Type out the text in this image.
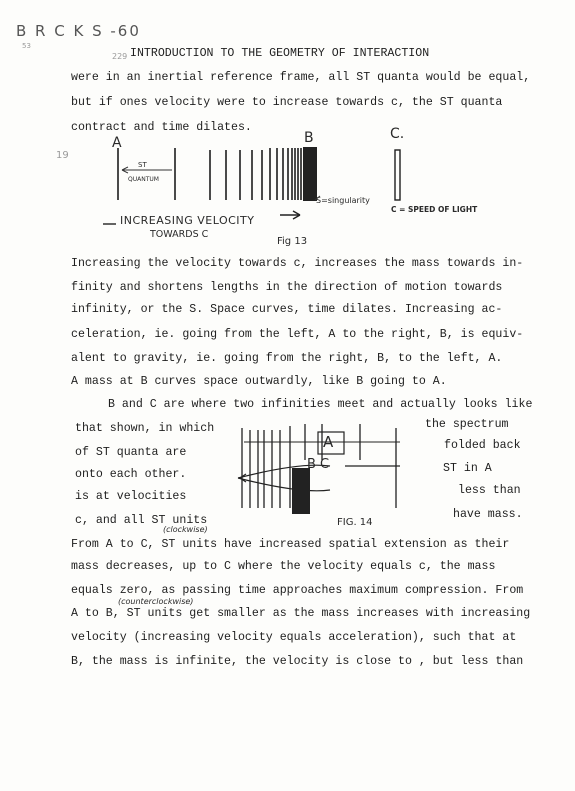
B R C K S -60
53
229 INTRODUCTION TO THE GEOMETRY OF INTERACTION
were in an inertial reference frame, all ST quanta would be equal,
but if ones velocity were to increase towards c, the ST quanta
contract and time dilates.
A	B	C.
19
ST
QUANTUM
S=singularity
C = SPEED OF LIGHT
INCREASING VELOCITY
TOWARDS C
Fig 13
Increasing the velocity towards c, increases the mass towards in-
finity and shortens lengths in the direction of motion towards
infinity, or the S. Space curves, time dilates. Increasing ac-
celeration, ie. going from the left, A to the right, B, is equiv-
alent to gravity, ie. going from the right, B, to the left, A.
A mass at B curves space outwardly, like B going to A.
B and C are where two infinities meet and actually looks like
that shown, in which
of ST quanta are
onto each other.
is at velocities
c, and all ST units
the spectrum
folded back
ST in A
less than
have mass.
A
B C
FIG. 14
(clockwise)
(counterclockwise)
From A to C, ST units have increased spatial extension as their
mass decreases, up to C where the velocity equals c, the mass
equals zero, as passing time approaches maximum compression. From
A to B, ST units get smaller as the mass increases with increasing
velocity (increasing velocity equals acceleration), such that at
B, the mass is infinite, the velocity is close to , but less than
